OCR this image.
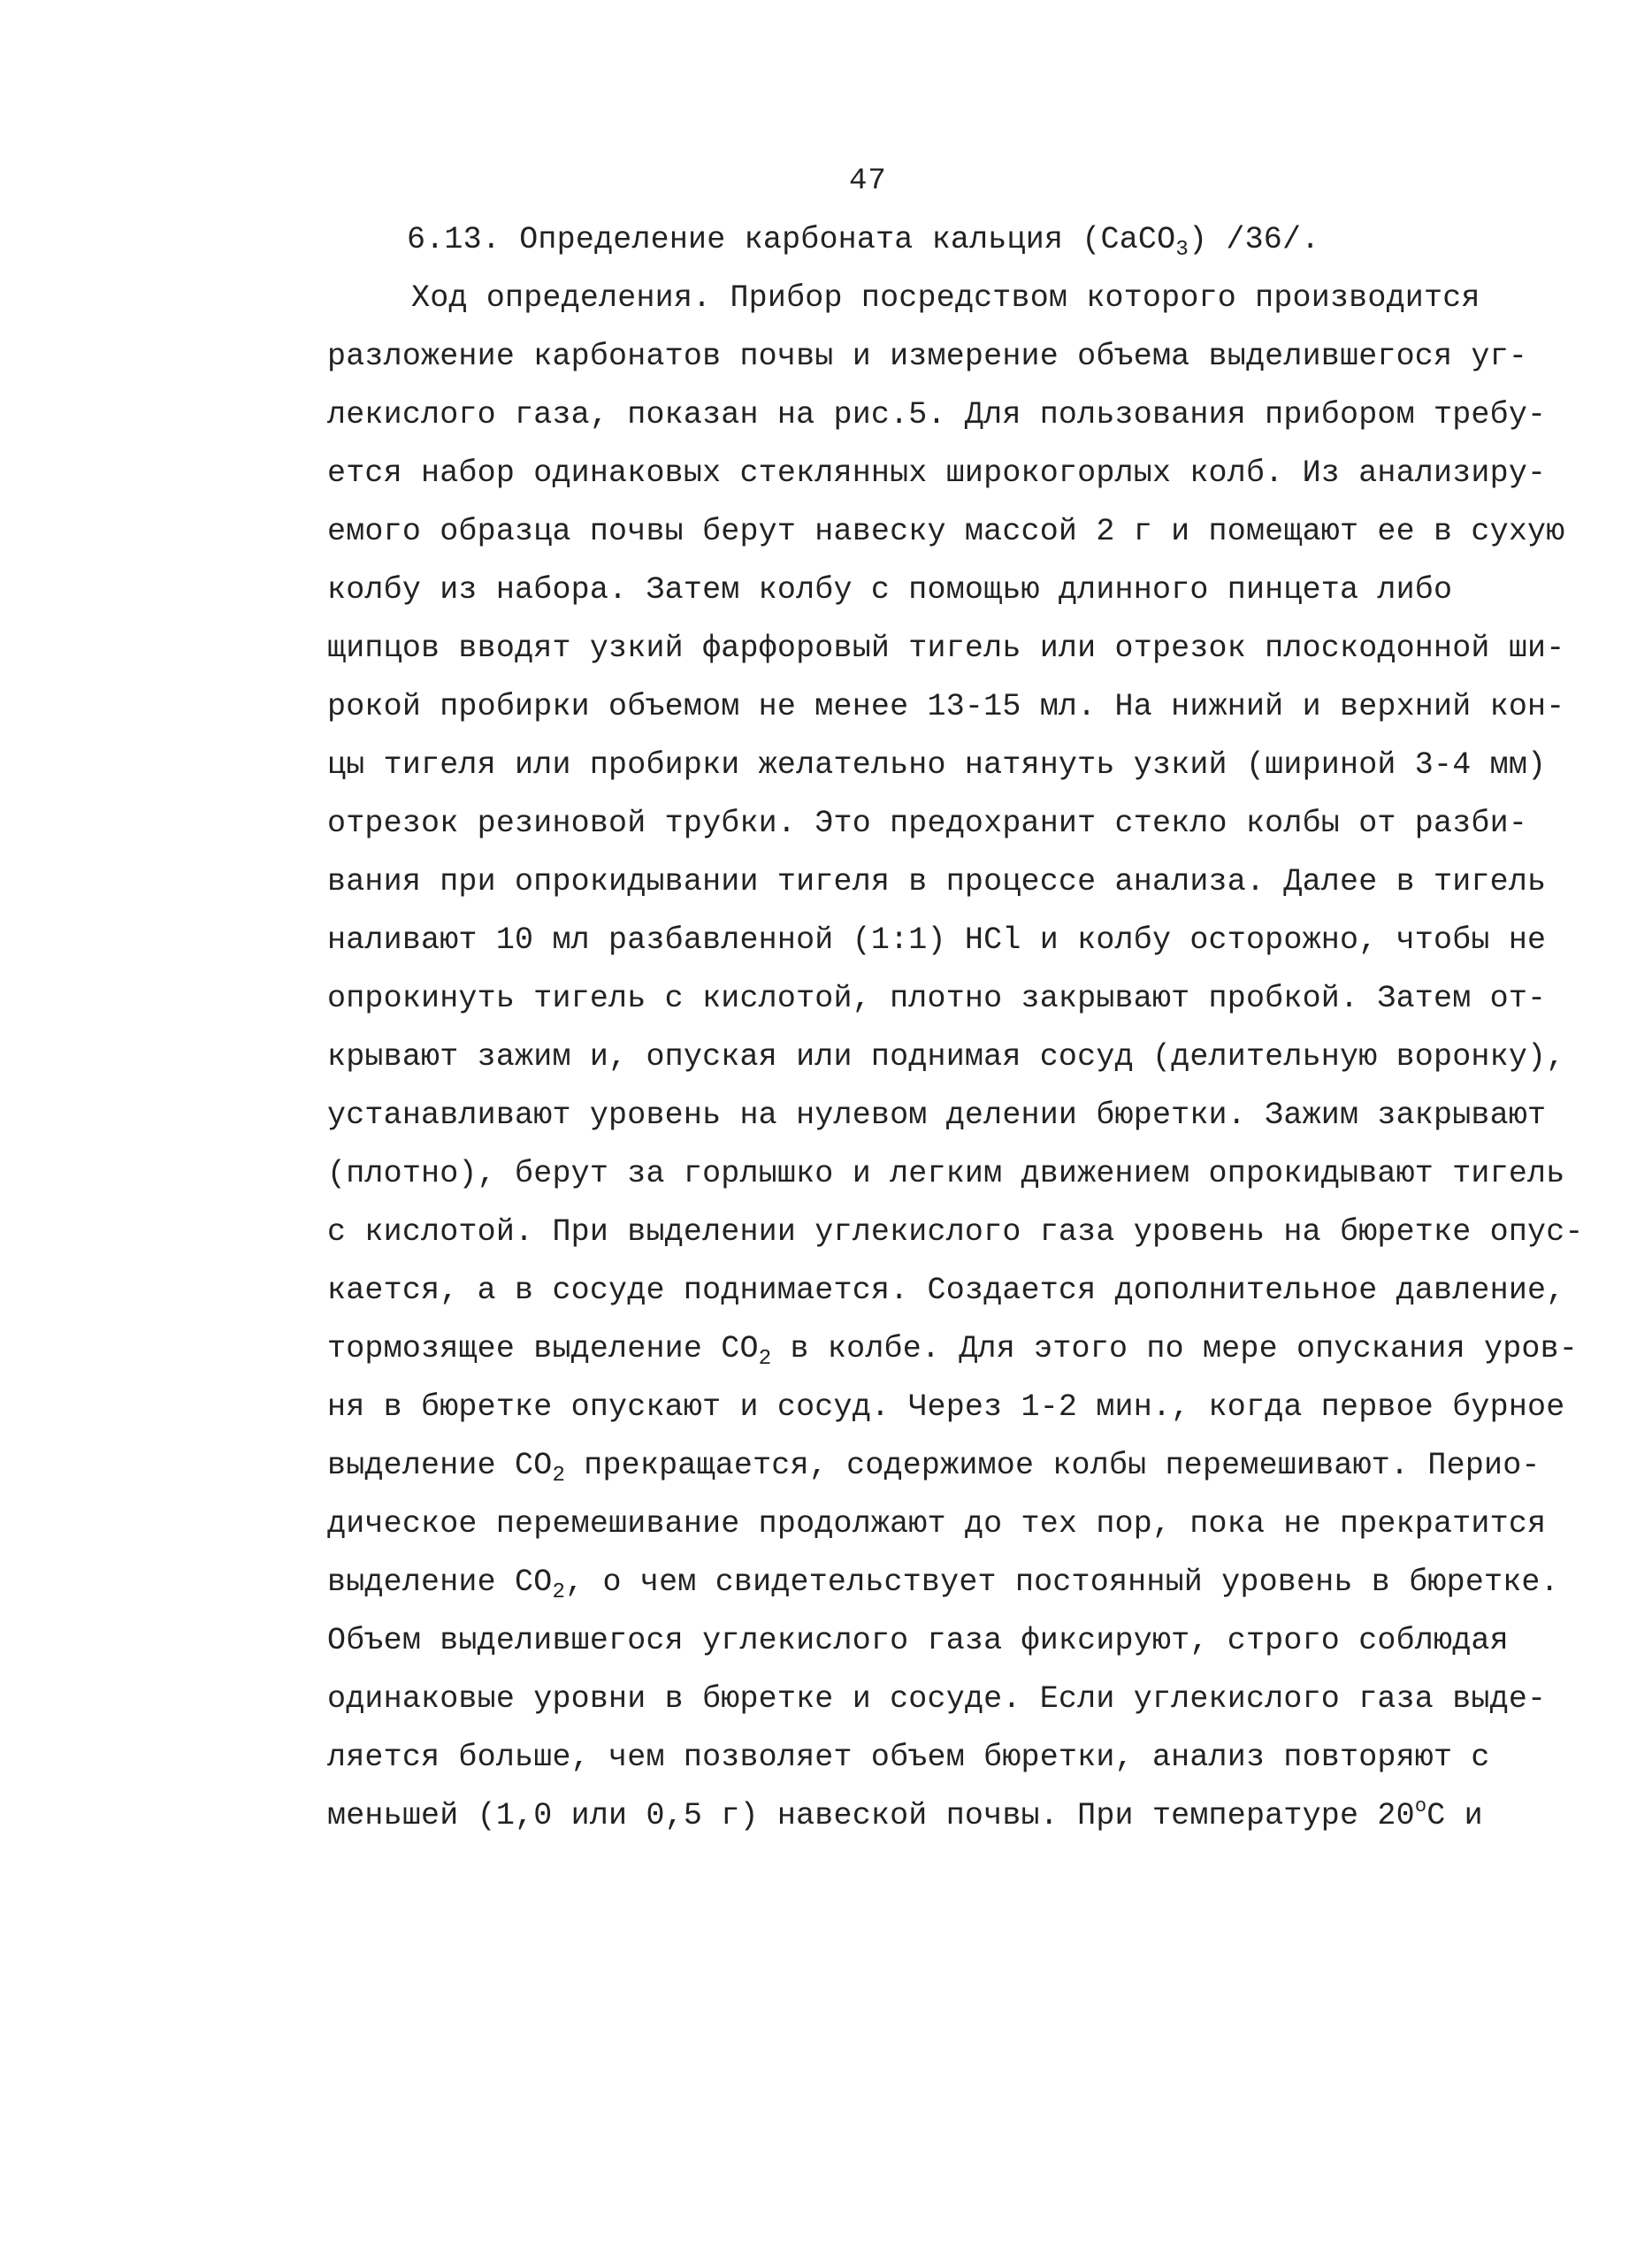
47
6.13. Определение карбоната кальция (CaCO$_3$) /36/.
Ход определения. Прибор посредством которого производится
разложение карбонатов почвы и измерение объема выделившегося уг-
лекислого газа, показан на рис.5. Для пользования прибором требу-
ется набор одинаковых стеклянных широкогорлых колб. Из анализиру-
емого образца почвы берут навеску массой 2 г и помещают ее в сухую
колбу из набора. Затем колбу с помощью длинного пинцета либо
щипцов вводят узкий фарфоровый тигель или отрезок плоскодонной ши-
рокой пробирки объемом не менее 13-15 мл. На нижний и верхний кон-
цы тигеля или пробирки желательно натянуть узкий (шириной 3-4 мм)
отрезок резиновой трубки. Это предохранит стекло колбы от разби-
вания при опрокидывании тигеля в процессе анализа. Далее в тигель
наливают 10 мл разбавленной (1:1) HCl и колбу осторожно, чтобы не
опрокинуть тигель с кислотой, плотно закрывают пробкой. Затем от-
крывают зажим и, опуская или поднимая сосуд (делительную воронку),
устанавливают уровень на нулевом делении бюретки. Зажим закрывают
(плотно), берут за горлышко и легким движением опрокидывают тигель
с кислотой. При выделении углекислого газа уровень на бюретке опус-
кается, а в сосуде поднимается. Создается дополнительное давление,
тормозящее выделение $CO_2$ в колбе. Для этого по мере опускания уров-
ня в бюретке опускают и сосуд. Через 1-2 мин., когда первое бурное
выделение $CO_2$ прекращается, содержимое колбы перемешивают. Перио-
дическое перемешивание продолжают до тех пор, пока не прекратится
выделение $CO_2$, о чем свидетельствует постоянный уровень в бюретке.
Объем выделившегося углекислого газа фиксируют, строго соблюдая
одинаковые уровни в бюретке и сосуде. Если углекислого газа выде-
ляется больше, чем позволяет объем бюретки, анализ повторяют с
меньшей (1,0 или 0,5 г) навеской почвы. При температуре $20^оС$ и
